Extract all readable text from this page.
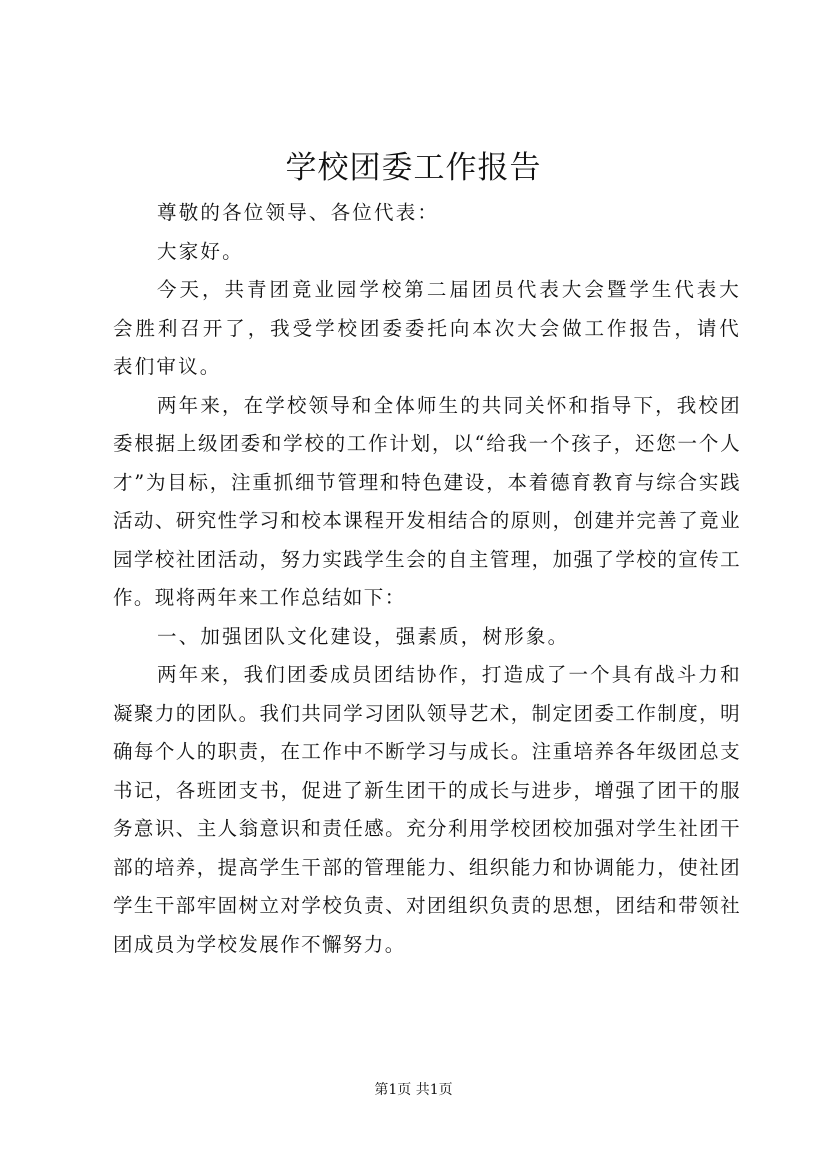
学校团委工作报告

尊敬的各位领导、各位代表：

大家好。

今天，共青团竟业园学校第二届团员代表大会暨学生代表大会胜利召开了，我受学校团委委托向本次大会做工作报告，请代表们审议。

两年来，在学校领导和全体师生的共同关怀和指导下，我校团委根据上级团委和学校的工作计划，以“给我一个孩子，还您一个人才”为目标，注重抓细节管理和特色建设，本着德育教育与综合实践活动、研究性学习和校本课程开发相结合的原则，创建并完善了竟业园学校社团活动，努力实践学生会的自主管理，加强了学校的宣传工作。现将两年来工作总结如下：

一、加强团队文化建设，强素质，树形象。

两年来，我们团委成员团结协作，打造成了一个具有战斗力和凝聚力的团队。我们共同学习团队领导艺术，制定团委工作制度，明确每个人的职责，在工作中不断学习与成长。注重培养各年级团总支书记，各班团支书，促进了新生团干的成长与进步，增强了团干的服务意识、主人翁意识和责任感。充分利用学校团校加强对学生社团干部的培养，提高学生干部的管理能力、组织能力和协调能力，使社团学生干部牢固树立对学校负责、对团组织负责的思想，团结和带领社团成员为学校发展作不懈努力。

第1页 共1页
